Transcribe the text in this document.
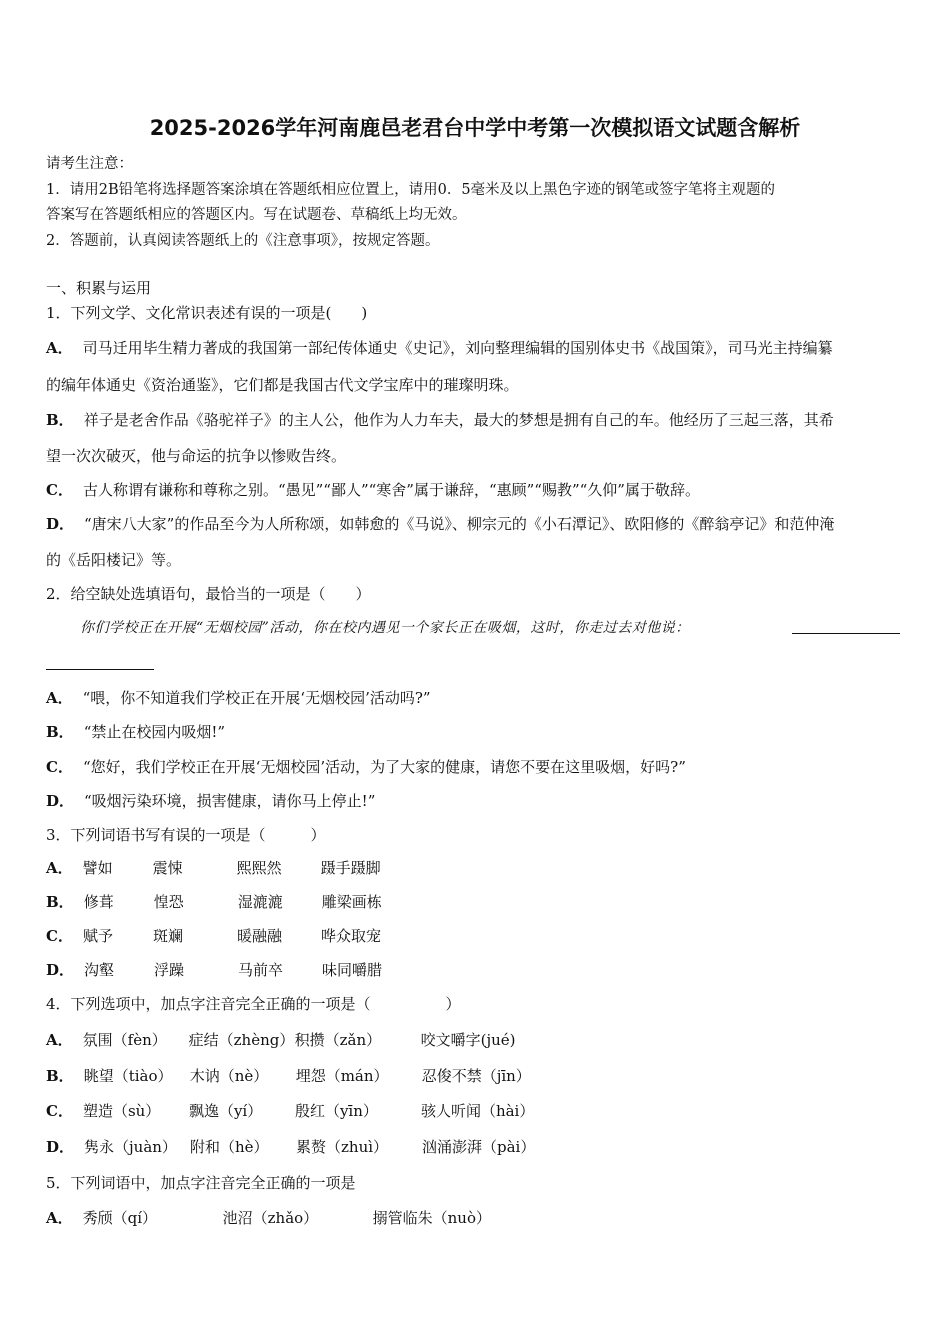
2025-2026学年河南鹿邑老君台中学中考第一次模拟语文试题含解析
请考生注意：
1．请用2B铅笔将选择题答案涂填在答题纸相应位置上，请用0．5毫米及以上黑色字迹的钢笔或签字笔将主观题的
答案写在答题纸相应的答题区内。写在试题卷、草稿纸上均无效。
2．答题前，认真阅读答题纸上的《注意事项》，按规定答题。
一、积累与运用
1．下列文学、文化常识表述有误的一项是(　　)
A． 司马迁用毕生精力著成的我国第一部纪传体通史《史记》，刘向整理编辑的国别体史书《战国策》，司马光主持编纂
的编年体通史《资治通鉴》，它们都是我国古代文学宝库中的璀璨明珠。
B． 祥子是老舍作品《骆驼祥子》的主人公，他作为人力车夫，最大的梦想是拥有自己的车。他经历了三起三落，其希
望一次次破灭，他与命运的抗争以惨败告终。
C． 古人称谓有谦称和尊称之别。“愚见”“鄙人”“寒舍”属于谦辞，“惠顾”“赐教”“久仰”属于敬辞。
D． “唐宋八大家”的作品至今为人所称颂，如韩愈的《马说》、柳宗元的《小石潭记》、欧阳修的《醉翁亭记》和范仲淹
的《岳阳楼记》等。
2．给空缺处选填语句，最恰当的一项是（　　）
你们学校正在开展“无烟校园”活动，你在校内遇见一个家长正在吸烟，这时，你走过去对他说：
A． “喂，你不知道我们学校正在开展‘无烟校园’活动吗?”
B． “禁止在校园内吸烟!”
C． “您好，我们学校正在开展‘无烟校园’活动，为了大家的健康，请您不要在这里吸烟，好吗?”
D． “吸烟污染环境，损害健康，请你马上停止!”
3．下列词语书写有误的一项是（　　　）
A． 譬如	震悚	熙熙然	蹑手蹑脚
B． 修葺	惶恐	湿漉漉	雕梁画栋
C． 赋予	斑斓	暖融融	哗众取宠
D． 沟壑	浮躁	马前卒	味同嚼腊
4．下列选项中，加点字注音完全正确的一项是（　　　　　）
A． 氛围（fèn） 症结（zhèng）积攒（zǎn）	咬文嚼字(jué)
B． 眺望（tiào） 木讷（nè） 埋怨（mán） 忍俊不禁（jīn）
C． 塑造（sù） 飘逸（yí） 殷红（yīn）	骇人听闻（hài）
D． 隽永（juàn） 附和（hè） 累赘（zhuì） 汹涌澎湃（pài）
5．下列词语中，加点字注音完全正确的一项是
A． 秀颀（qí）	池沼（zhǎo）	搦管临朱（nuò）
